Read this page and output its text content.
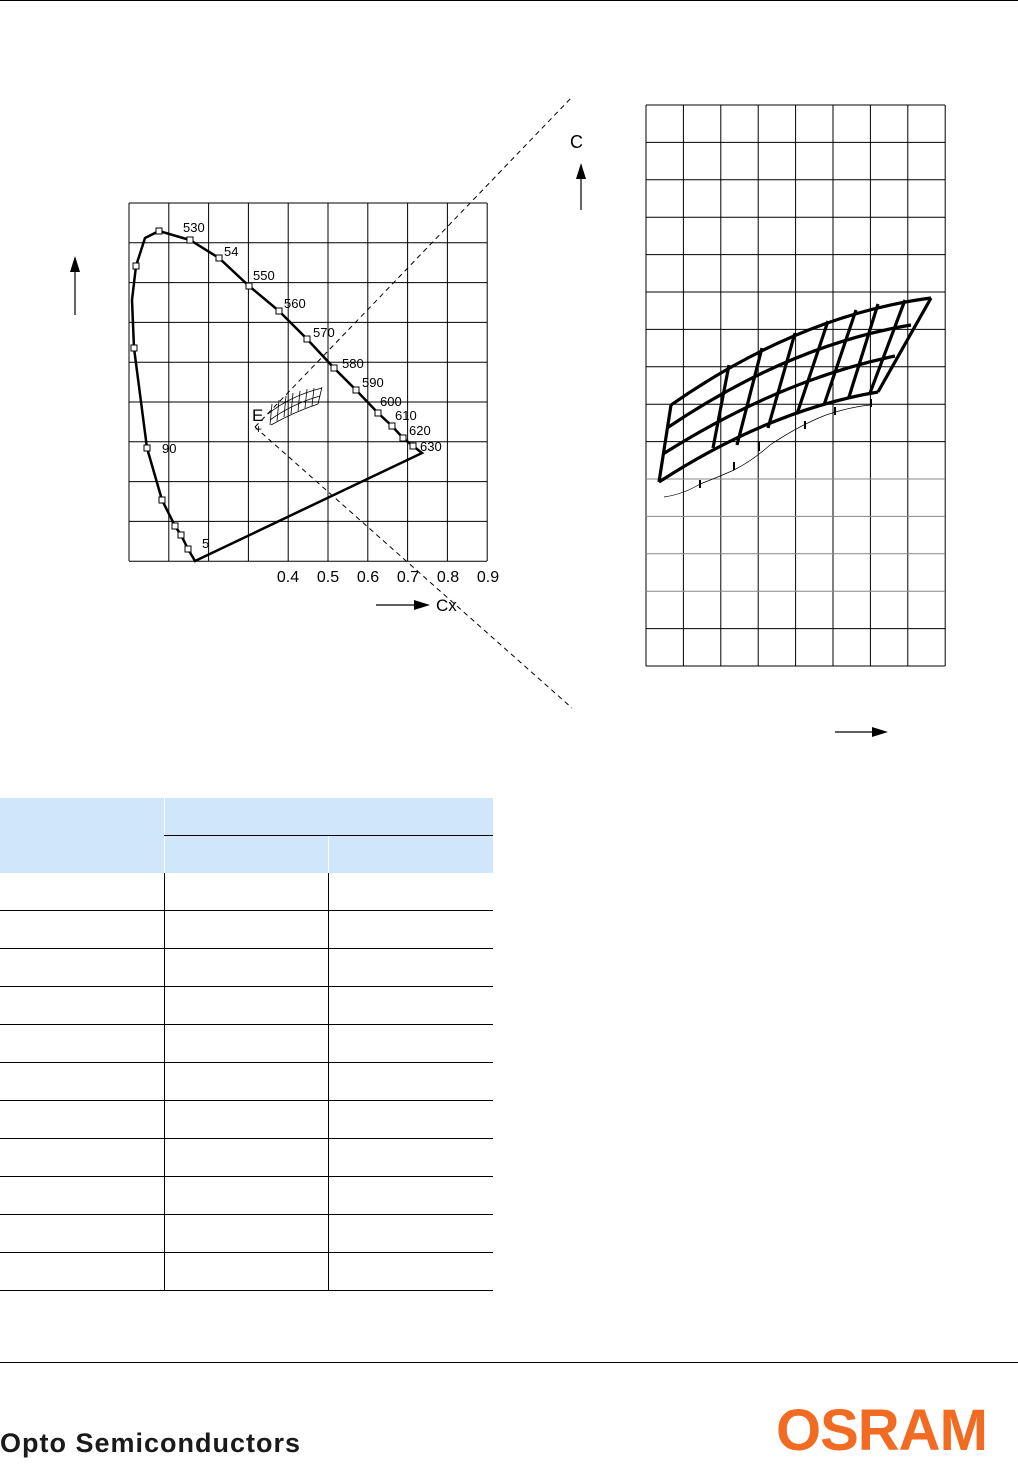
530
54
550
560
570
580
590
600
610
620
630
90
5
E
+
0.4 0.5 0.6 0.7 0.8 0.9
Cx
C

Opto Semiconductors	OSRAM
